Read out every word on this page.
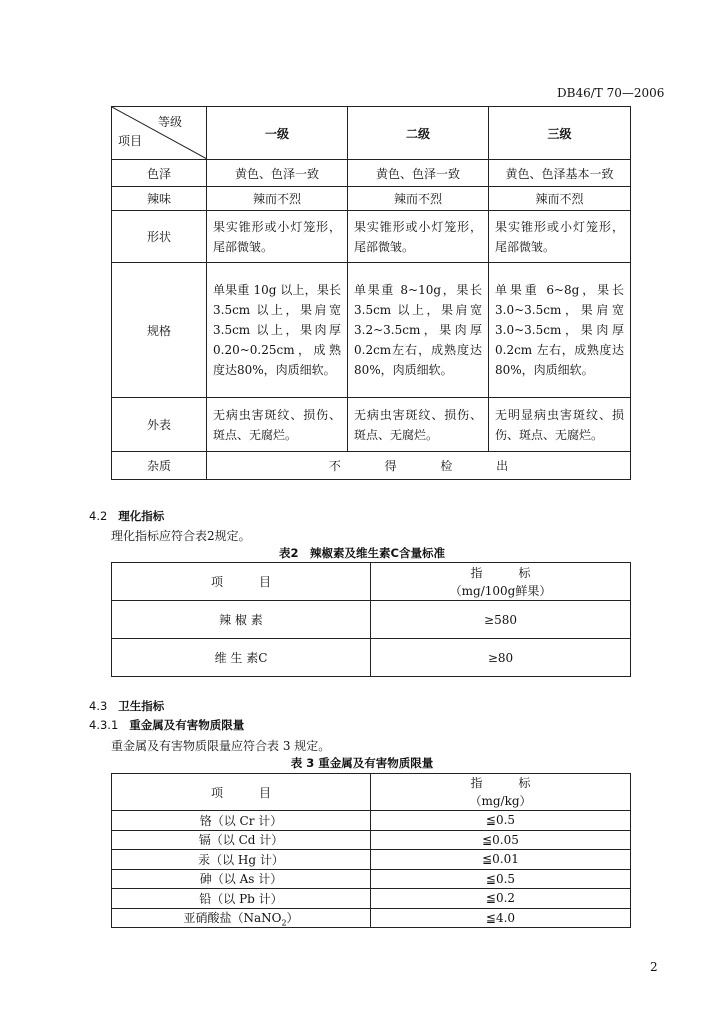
DB46/T 70—2006
等级
项目	一级	二级	三级
色泽	黄色、色泽一致	黄色、色泽一致	黄色、色泽基本一致
辣味	辣而不烈	辣而不烈	辣而不烈
形状	果实锥形或小灯笼形，尾部微皱。	果实锥形或小灯笼形，尾部微皱。	果实锥形或小灯笼形，尾部微皱。
规格	单果重 10g 以上，果长3.5cm 以上，果肩宽3.5cm 以上，果肉厚0.20~0.25cm，成熟度达80%，肉质细软。	单果重 8~10g，果长3.5cm 以上，果肩宽 3.2~3.5cm，果肉厚 0.2cm左右，成熟度达 80%，肉质细软。	单果重 6~8g，果长3.0~3.5cm，果肩宽3.0~3.5cm，果肉厚0.2cm 左右，成熟度达80%，肉质细软。
外表	无病虫害斑纹、损伤、斑点、无腐烂。	无病虫害斑纹、损伤、斑点、无腐烂。	无明显病虫害斑纹、损伤、斑点、无腐烂。
杂质	不 得 检 出		
4.2 理化指标
理化指标应符合表2规定。
表2　辣椒素及维生素C含量标准
项　　　目	指　　　标
（mg/100g鲜果）

辣 椒 素	≥580
维 生 素C	≥80
4.3 卫生指标
4.3.1 重金属及有害物质限量
重金属及有害物质限量应符合表 3 规定。
表 3 重金属及有害物质限量
项　　　目	指　　　标
（mg/kg）

铬（以 Cr 计）	≦0.5
镉（以 Cd 计）	≦0.05
汞（以 Hg 计）	≦0.01
砷（以 As 计）	≦0.5
铅（以 Pb 计）	≦0.2
亚硝酸盐（NaNO$_2$）	≦4.0
2
